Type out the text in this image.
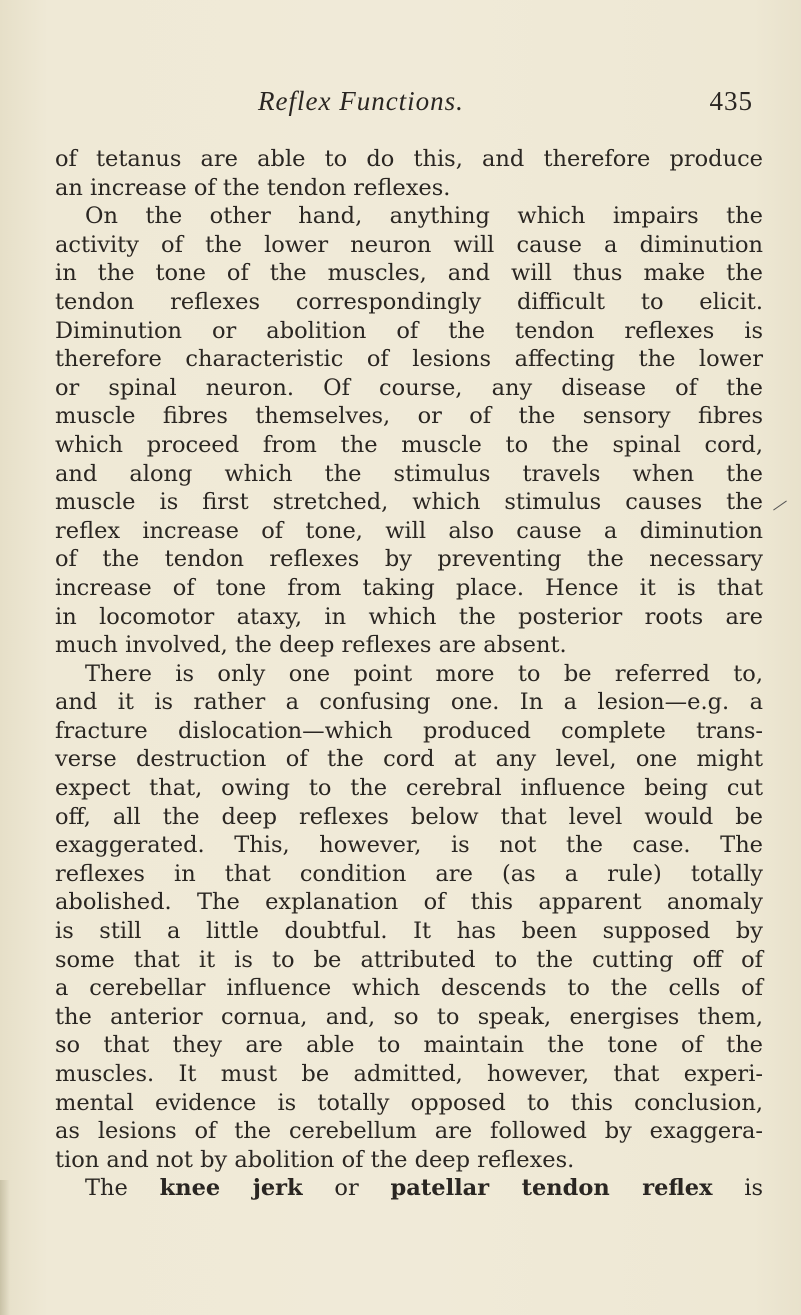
Reflex Functions.	435
of tetanus are able to do this, and therefore produce
an increase of the tendon reflexes.
On the other hand, anything which impairs the
activity of the lower neuron will cause a diminution
in the tone of the muscles, and will thus make the
tendon reflexes correspondingly difficult to elicit.
Diminution or abolition of the tendon reflexes is
therefore characteristic of lesions affecting the lower
or spinal neuron. Of course, any disease of the
muscle fibres themselves, or of the sensory fibres
which proceed from the muscle to the spinal cord,
and along which the stimulus travels when the
muscle is first stretched, which stimulus causes the
reflex increase of tone, will also cause a diminution
of the tendon reflexes by preventing the necessary
increase of tone from taking place. Hence it is that
in locomotor ataxy, in which the posterior roots are
much involved, the deep reflexes are absent.
There is only one point more to be referred to,
and it is rather a confusing one. In a lesion—e.g. a
fracture dislocation—which produced complete trans-
verse destruction of the cord at any level, one might
expect that, owing to the cerebral influence being cut
off, all the deep reflexes below that level would be
exaggerated. This, however, is not the case. The
reflexes in that condition are (as a rule) totally
abolished. The explanation of this apparent anomaly
is still a little doubtful. It has been supposed by
some that it is to be attributed to the cutting off of
a cerebellar influence which descends to the cells of
the anterior cornua, and, so to speak, energises them,
so that they are able to maintain the tone of the
muscles. It must be admitted, however, that experi-
mental evidence is totally opposed to this conclusion,
as lesions of the cerebellum are followed by exaggera-
tion and not by abolition of the deep reflexes.
The knee jerk or patellar tendon reflex is
